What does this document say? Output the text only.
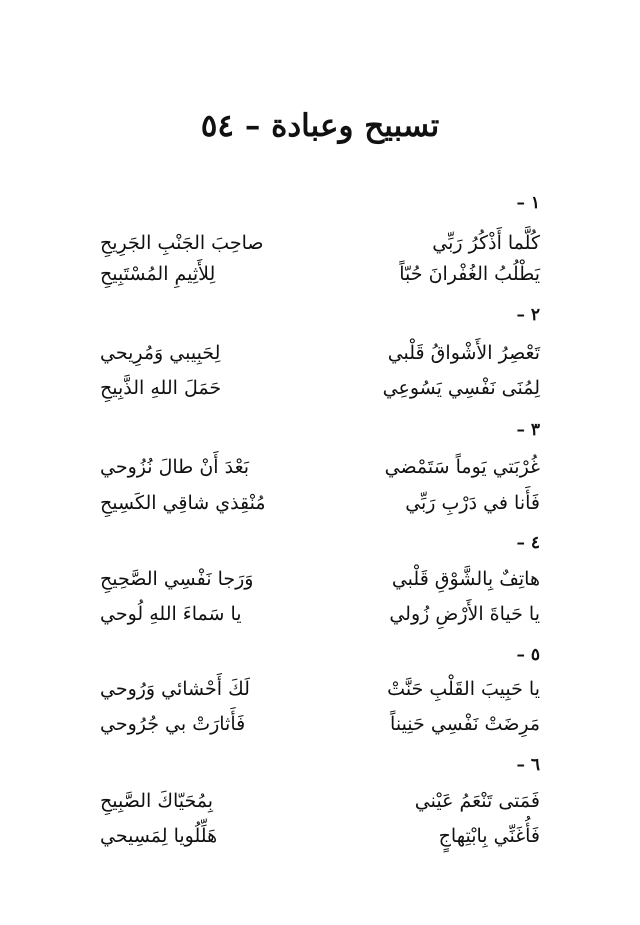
تسبيح وعبادة – ٥٤
١ –
كُلَّما أَذْكُرُ رَبِّي
صاحِبَ الجَنْبِ الجَرِيحِ
يَطْلُبُ الغُفْرانَ حُبّاً
لِلأَثِيمِ المُسْتَبِيحِ
٢ –
تَعْصِرُ الأَشْواقُ قَلْبي
لِحَبِيبي وَمُرِيحي
لِمُنَى نَفْسِي يَسُوعِي
حَمَلَ اللهِ الذَّبِيحِ
٣ –
غُرْبَتي يَوماً سَتَمْضي
بَعْدَ أَنْ طالَ نُزُوحي
فَأَنا في دَرْبِ رَبِّي
مُنْقِذي شاقِي الكَسِيحِ
٤ –
هاتِفٌ بِالشَّوْقِ قَلْبي
وَرَجا نَفْسِي الصَّحِيحِ
يا حَياةَ الأَرْضِ زُولي
يا سَماءَ اللهِ لُوحي
٥ –
يا حَبِيبَ القَلْبِ حَنَّتْ
لَكَ أَحْشائي وَرُوحي
مَرِضَتْ نَفْسِي حَنِيناً
فَأَثارَتْ بي جُرُوحي
٦ –
فَمَتى تَنْعَمُ عَيْني
بِمُحَيّاكَ الصَّبِيحِ
فَأُغَنِّي بِابْتِهاجٍ
هَلِّلُويا لِمَسِيحي
